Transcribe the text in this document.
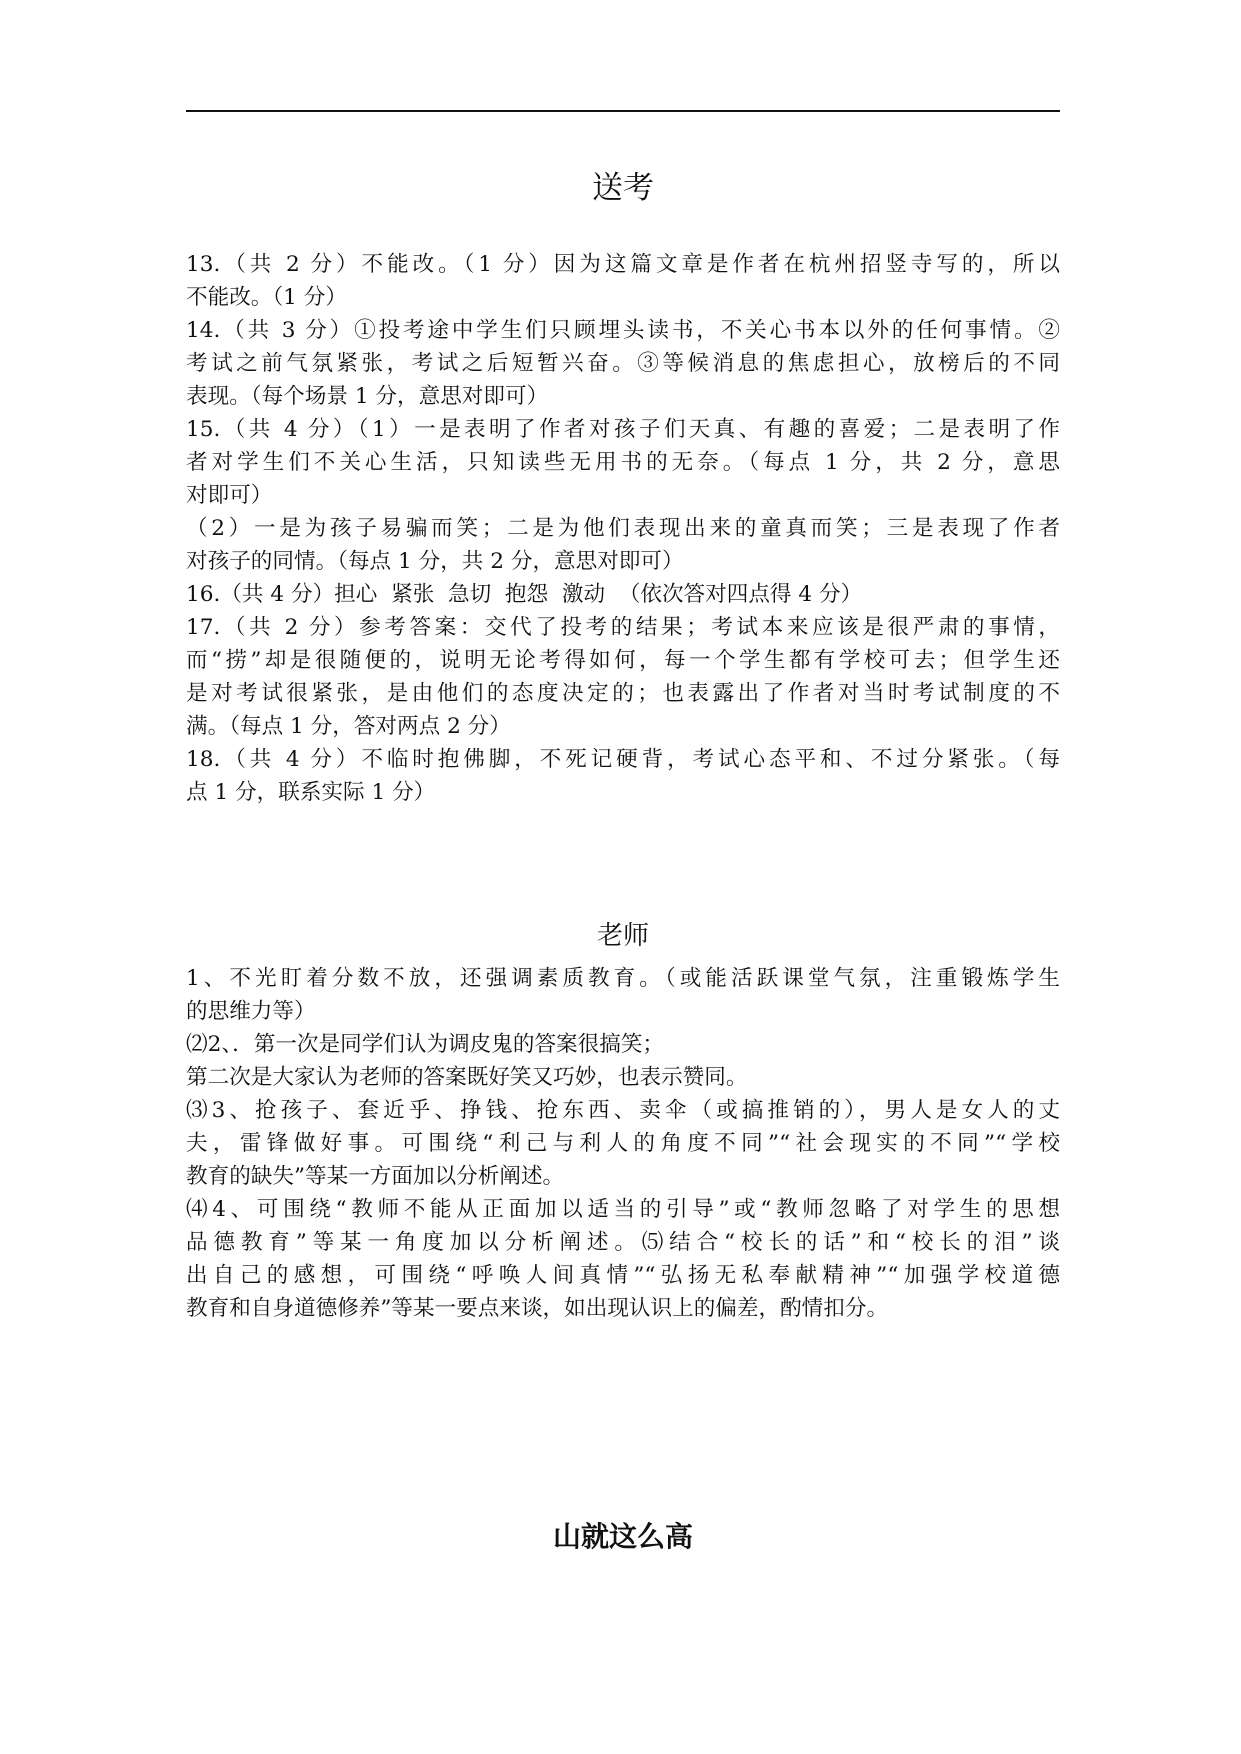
送考
13.（共 2 分）不能改。（1 分）因为这篇文章是作者在杭州招竖寺写的，所以
不能改。（1 分）
14.（共 3 分）①投考途中学生们只顾埋头读书，不关心书本以外的任何事情。②
考试之前气氛紧张，考试之后短暂兴奋。③等候消息的焦虑担心，放榜后的不同
表现。（每个场景 1 分，意思对即可）
15.（共 4 分）（1）一是表明了作者对孩子们天真、有趣的喜爱；二是表明了作
者对学生们不关心生活，只知读些无用书的无奈。（每点 1 分，共 2 分，意思
对即可）
（2）一是为孩子易骗而笑；二是为他们表现出来的童真而笑；三是表现了作者
对孩子的同情。（每点 1 分，共 2 分，意思对即可）
16.（共 4 分）担心  紧张  急切  抱怨  激动  （依次答对四点得 4 分）
17.（共 2 分）参考答案：交代了投考的结果；考试本来应该是很严肃的事情，
而“捞”却是很随便的，说明无论考得如何，每一个学生都有学校可去；但学生还
是对考试很紧张，是由他们的态度决定的；也表露出了作者对当时考试制度的不
满。（每点 1 分，答对两点 2 分）
18.（共 4 分）不临时抱佛脚，不死记硬背，考试心态平和、不过分紧张。（每
点 1 分，联系实际 1 分）
老师
1、不光盯着分数不放，还强调素质教育。（或能活跃课堂气氛，注重锻炼学生
的思维力等）
⑵2、．第一次是同学们认为调皮鬼的答案很搞笑；
第二次是大家认为老师的答案既好笑又巧妙，也表示赞同。
⑶3、抢孩子、套近乎、挣钱、抢东西、卖伞（或搞推销的），男人是女人的丈
夫，雷锋做好事。可围绕“利己与利人的角度不同”“社会现实的不同”“学校
教育的缺失”等某一方面加以分析阐述。
⑷4、可围绕“教师不能从正面加以适当的引导”或“教师忽略了对学生的思想
品德教育”等某一角度加以分析阐述。⑸结合“校长的话”和“校长的泪”谈
出自己的感想，可围绕“呼唤人间真情”“弘扬无私奉献精神”“加强学校道德
教育和自身道德修养”等某一要点来谈，如出现认识上的偏差，酌情扣分。
山就这么高
